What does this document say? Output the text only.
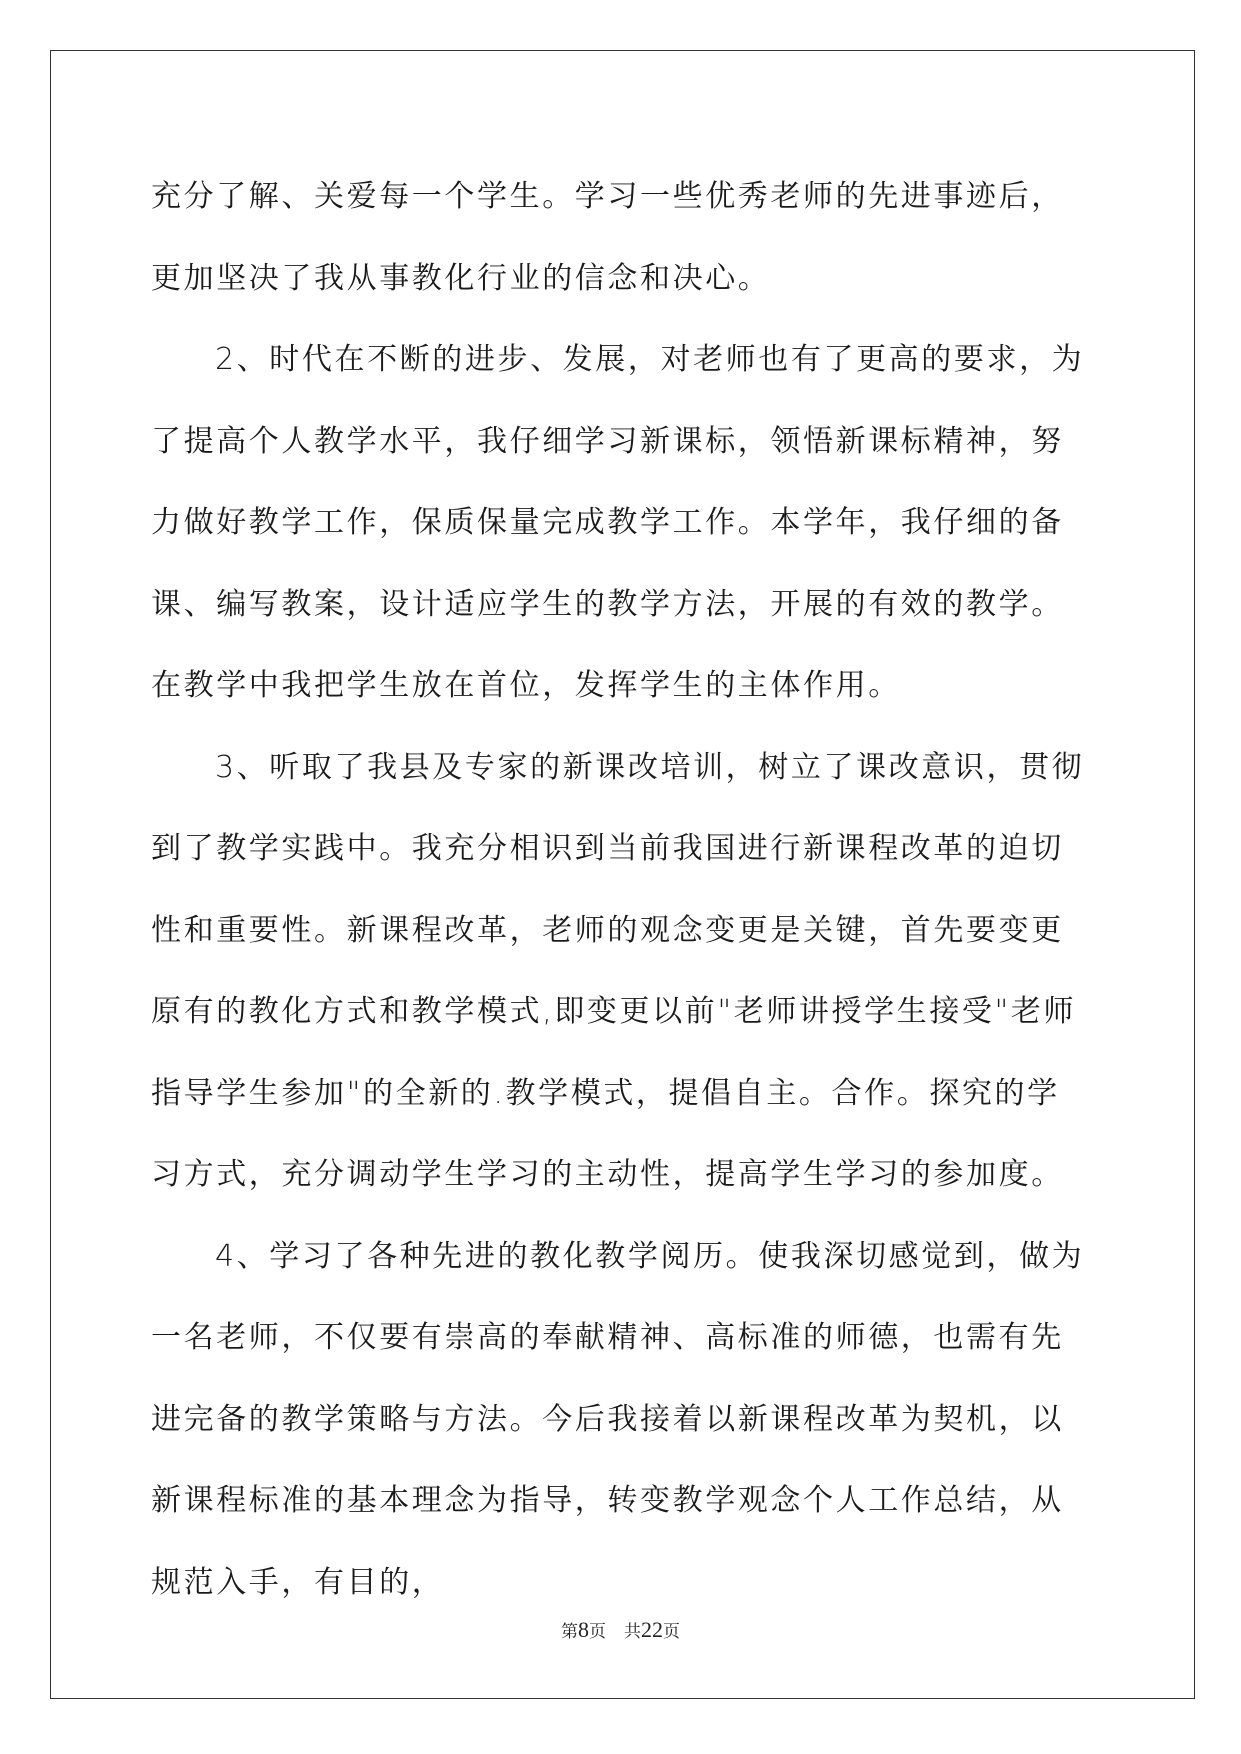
充分了解、关爱每一个学生。学习一些优秀老师的先进事迹后，更加坚决了我从事教化行业的信念和决心。

2、时代在不断的进步、发展，对老师也有了更高的要求，为了提高个人教学水平，我仔细学习新课标，领悟新课标精神，努力做好教学工作，保质保量完成教学工作。本学年，我仔细的备课、编写教案，设计适应学生的教学方法，开展的有效的教学。在教学中我把学生放在首位，发挥学生的主体作用。

3、听取了我县及专家的新课改培训，树立了课改意识，贯彻到了教学实践中。我充分相识到当前我国进行新课程改革的迫切性和重要性。新课程改革，老师的观念变更是关键，首先要变更原有的教化方式和教学模式,即变更以前"老师讲授学生接受"老师指导学生参加"的全新的.教学模式，提倡自主。合作。探究的学习方式，充分调动学生学习的主动性，提高学生学习的参加度。

4、学习了各种先进的教化教学阅历。使我深切感觉到，做为一名老师，不仅要有崇高的奉献精神、高标准的师德，也需有先进完备的教学策略与方法。今后我接着以新课程改革为契机，以新课程标准的基本理念为指导，转变教学观念个人工作总结，从规范入手，有目的，

第8页 共22页
